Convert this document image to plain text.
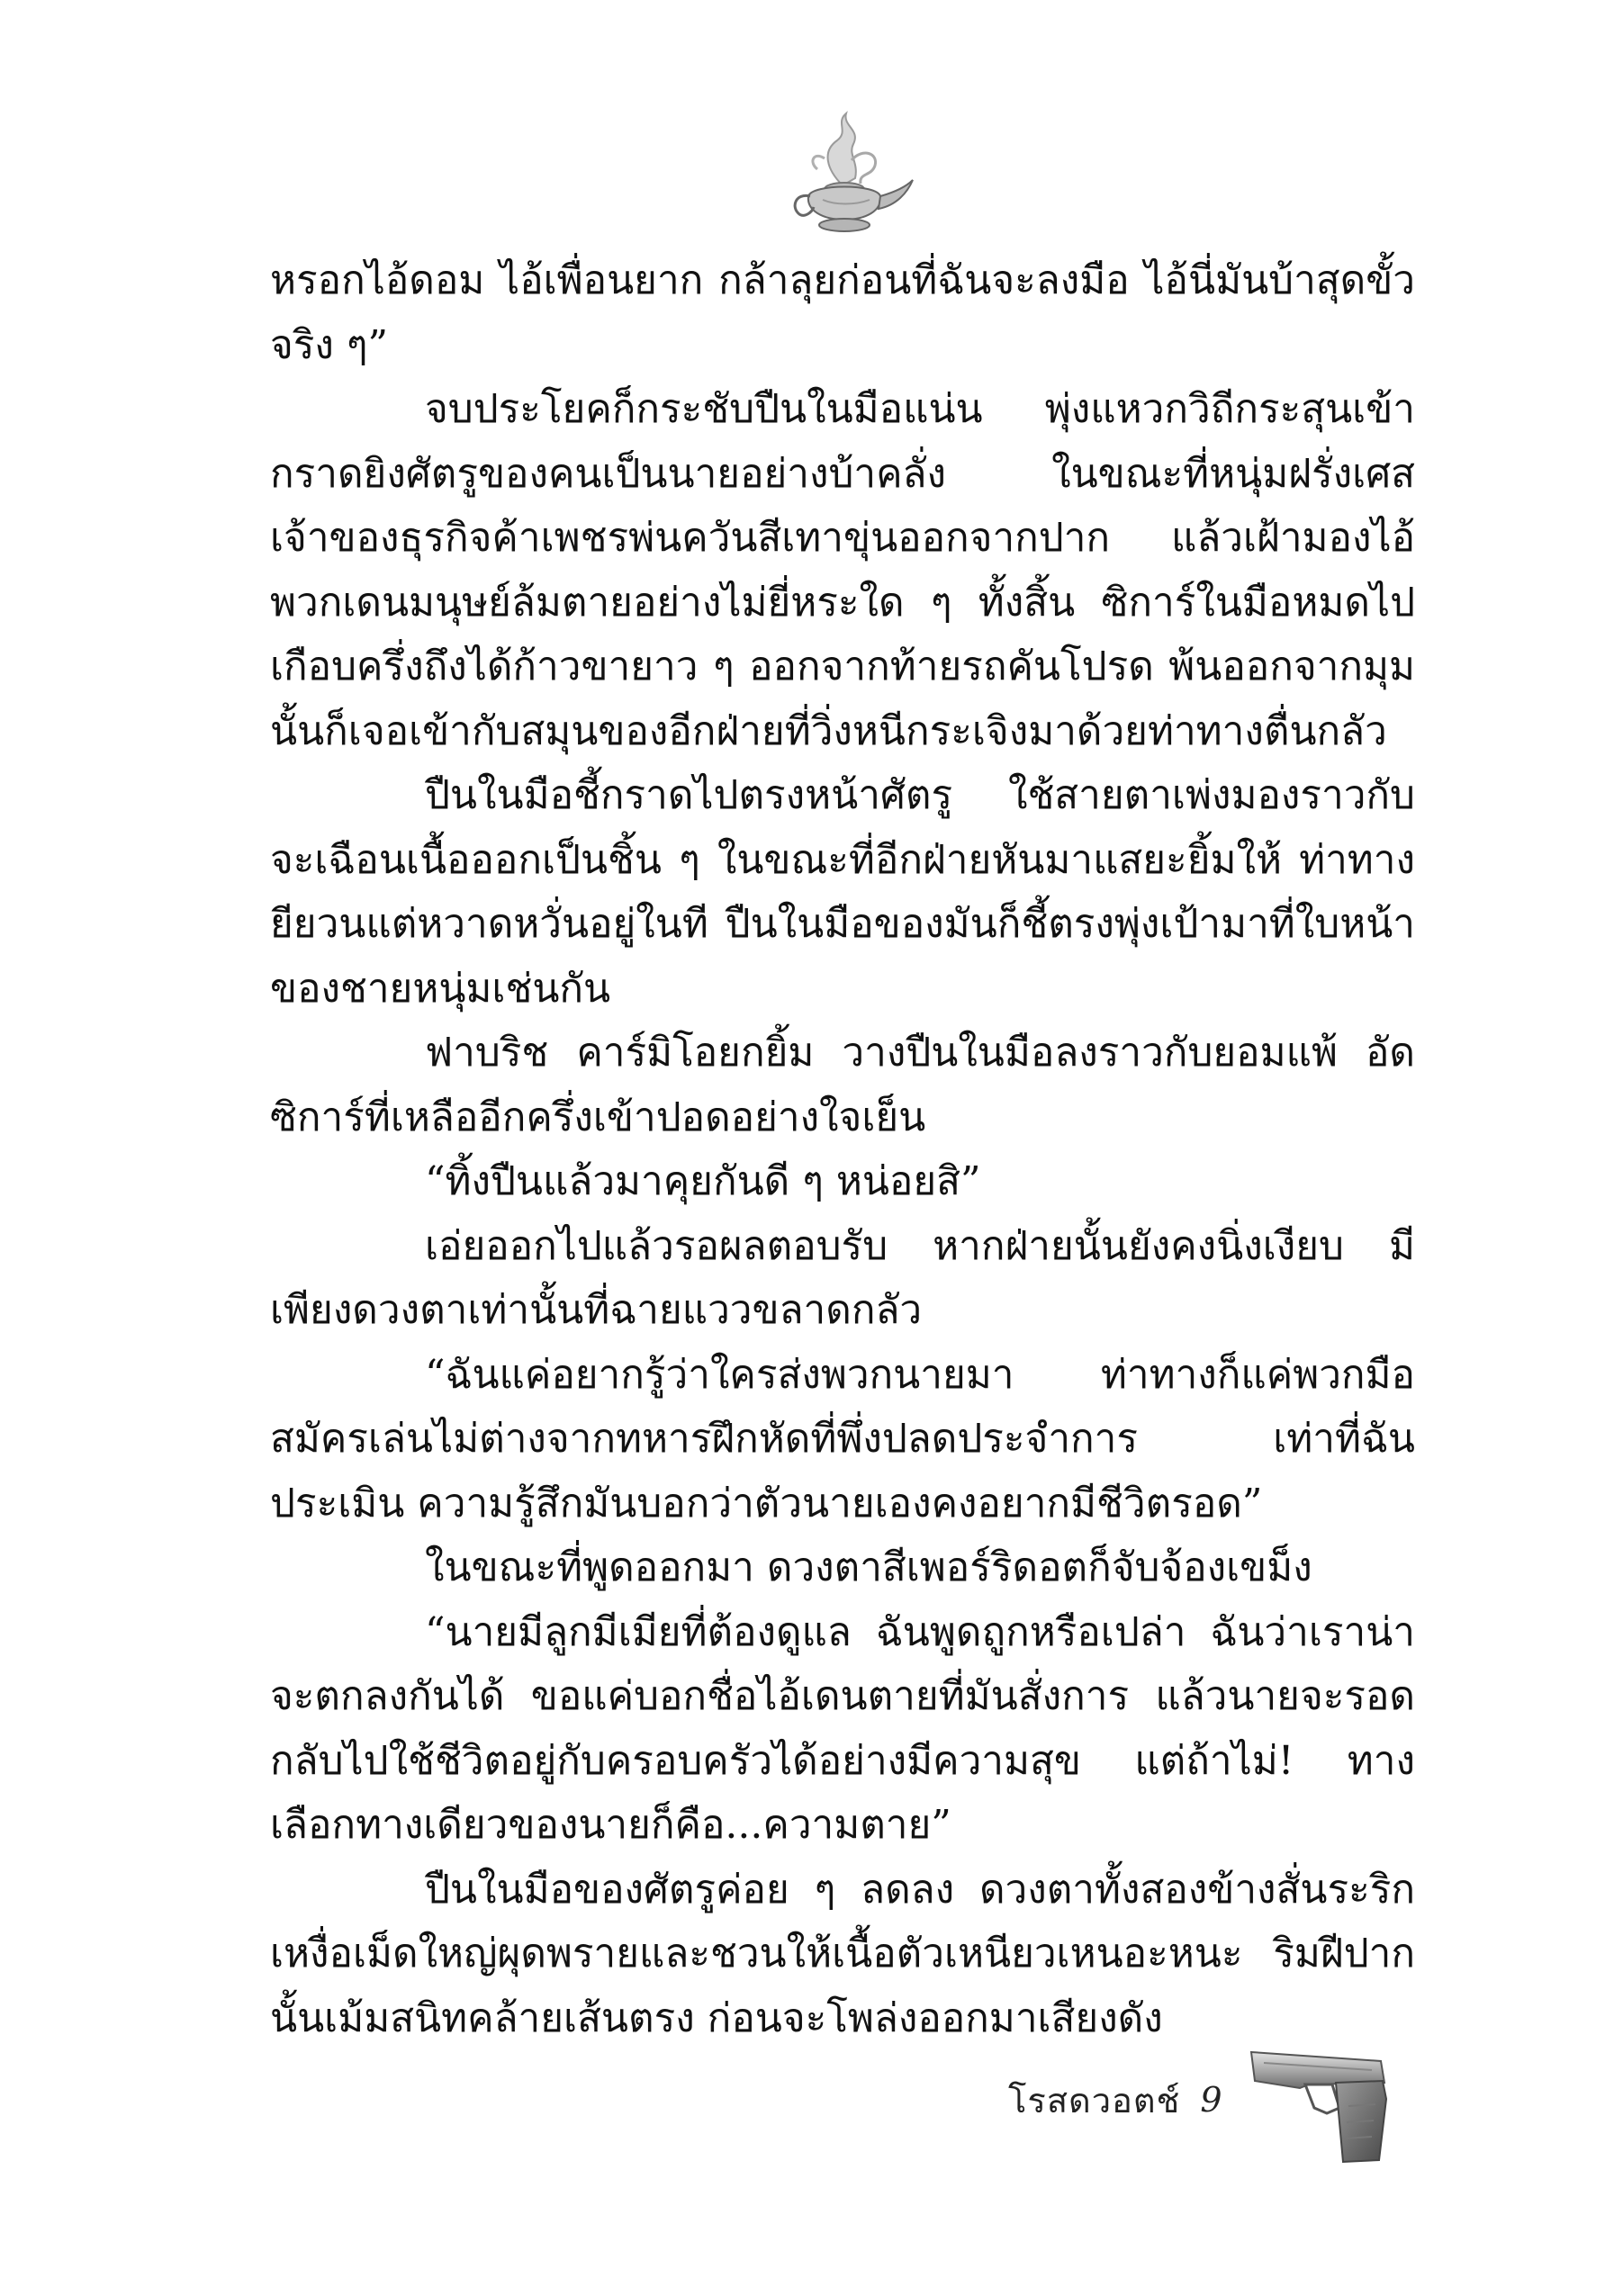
หรอกไอ้ดอม ไอ้เพื่อนยาก กล้าลุยก่อนที่ฉันจะลงมือ ไอ้นี่มันบ้าสุดขั้วจริง ๆ”

จบประโยคก็กระชับปืนในมือแน่น พุ่งแหวกวิถีกระสุนเข้ากราดยิงศัตรูของคนเป็นนายอย่างบ้าคลั่ง ในขณะที่หนุ่มฝรั่งเศสเจ้าของธุรกิจค้าเพชรพ่นควันสีเทาขุ่นออกจากปาก แล้วเฝ้ามองไอ้พวกเดนมนุษย์ล้มตายอย่างไม่ยี่หระใด ๆ ทั้งสิ้น ซิการ์ในมือหมดไปเกือบครึ่งถึงได้ก้าวขายาว ๆ ออกจากท้ายรถคันโปรด พ้นออกจากมุมนั้นก็เจอเข้ากับสมุนของอีกฝ่ายที่วิ่งหนีกระเจิงมาด้วยท่าทางตื่นกลัว

ปืนในมือชี้กราดไปตรงหน้าศัตรู ใช้สายตาเพ่งมองราวกับจะเฉือนเนื้อออกเป็นชิ้น ๆ ในขณะที่อีกฝ่ายหันมาแสยะยิ้มให้ ท่าทางยียวนแต่หวาดหวั่นอยู่ในที ปืนในมือของมันก็ชี้ตรงพุ่งเป้ามาที่ใบหน้าของชายหนุ่มเช่นกัน

ฟาบริช คาร์มิโอยกยิ้ม วางปืนในมือลงราวกับยอมแพ้ อัดซิการ์ที่เหลืออีกครึ่งเข้าปอดอย่างใจเย็น

“ทิ้งปืนแล้วมาคุยกันดี ๆ หน่อยสิ”

เอ่ยออกไปแล้วรอผลตอบรับ หากฝ่ายนั้นยังคงนิ่งเงียบ มีเพียงดวงตาเท่านั้นที่ฉายแววขลาดกลัว

“ฉันแค่อยากรู้ว่าใครส่งพวกนายมา ท่าทางก็แค่พวกมือสมัครเล่นไม่ต่างจากทหารฝึกหัดที่พึ่งปลดประจำการ เท่าที่ฉันประเมิน ความรู้สึกมันบอกว่าตัวนายเองคงอยากมีชีวิตรอด”

ในขณะที่พูดออกมา ดวงตาสีเพอร์ริดอตก็จับจ้องเขม็ง

“นายมีลูกมีเมียที่ต้องดูแล ฉันพูดถูกหรือเปล่า ฉันว่าเราน่าจะตกลงกันได้ ขอแค่บอกชื่อไอ้เดนตายที่มันสั่งการ แล้วนายจะรอดกลับไปใช้ชีวิตอยู่กับครอบครัวได้อย่างมีความสุข แต่ถ้าไม่! ทางเลือกทางเดียวของนายก็คือ...ความตาย”

ปืนในมือของศัตรูค่อย ๆ ลดลง ดวงตาทั้งสองข้างสั่นระริกเหงื่อเม็ดใหญ่ผุดพรายและชวนให้เนื้อตัวเหนียวเหนอะหนะ ริมฝีปากนั้นเม้มสนิทคล้ายเส้นตรง ก่อนจะโพล่งออกมาเสียงดัง

โรสดวอตช์ 9
